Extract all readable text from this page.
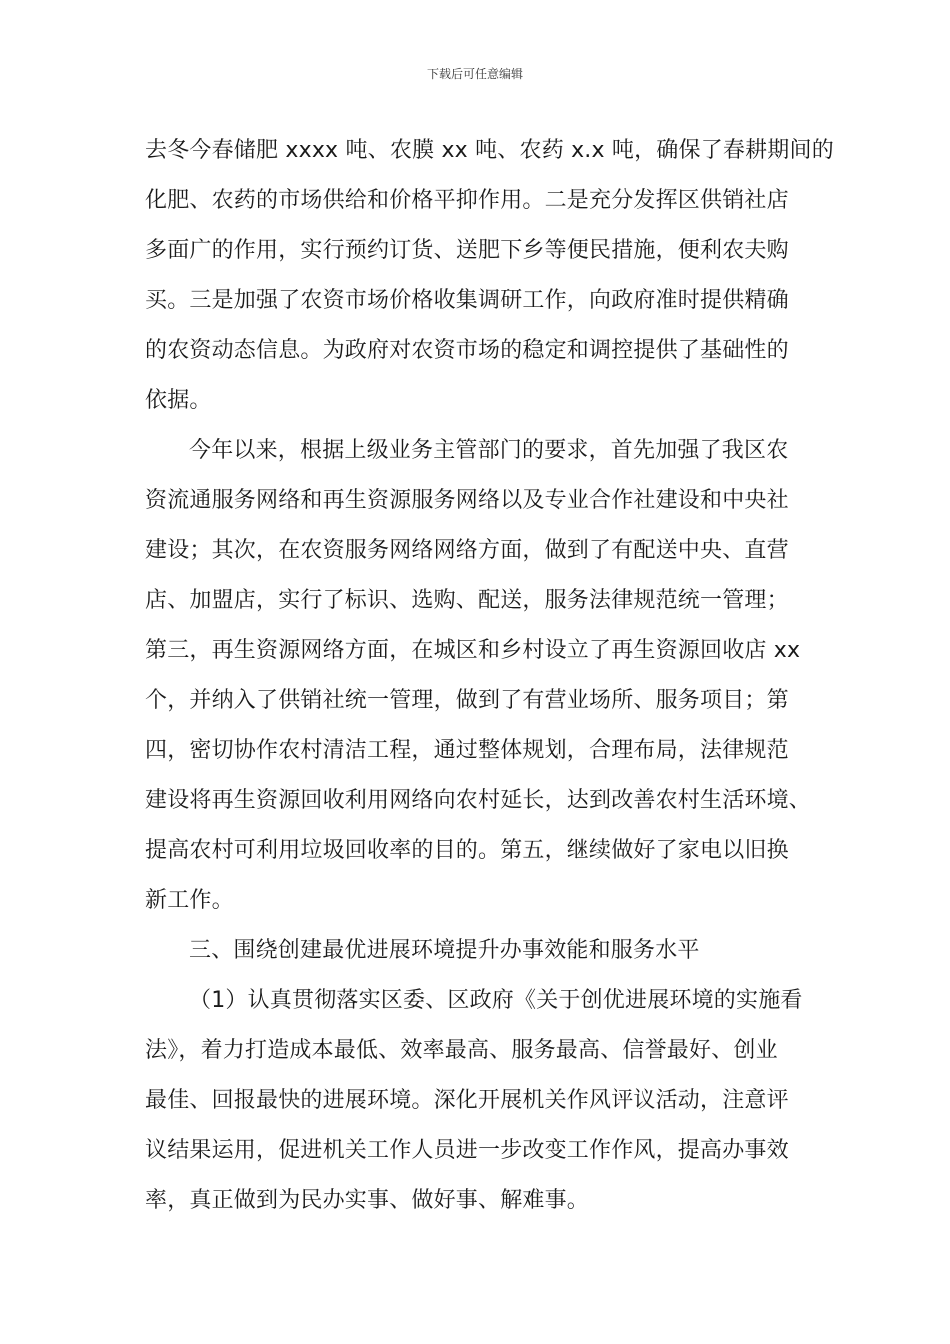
下载后可任意编辑
去冬今春储肥 xxxx 吨、农膜 xx 吨、农药 x.x 吨，确保了春耕期间的
化肥、农药的市场供给和价格平抑作用。二是充分发挥区供销社店
多面广的作用，实行预约订货、送肥下乡等便民措施，便利农夫购
买。三是加强了农资市场价格收集调研工作，向政府准时提供精确
的农资动态信息。为政府对农资市场的稳定和调控提供了基础性的
依据。
今年以来，根据上级业务主管部门的要求，首先加强了我区农
资流通服务网络和再生资源服务网络以及专业合作社建设和中央社
建设；其次，在农资服务网络网络方面，做到了有配送中央、直营
店、加盟店，实行了标识、选购、配送，服务法律规范统一管理；
第三，再生资源网络方面，在城区和乡村设立了再生资源回收店 xx
个，并纳入了供销社统一管理，做到了有营业场所、服务项目；第
四，密切协作农村清洁工程，通过整体规划，合理布局，法律规范
建设将再生资源回收利用网络向农村延长，达到改善农村生活环境、
提高农村可利用垃圾回收率的目的。第五，继续做好了家电以旧换
新工作。
三、围绕创建最优进展环境提升办事效能和服务水平
（1）认真贯彻落实区委、区政府《关于创优进展环境的实施看
法》，着力打造成本最低、效率最高、服务最高、信誉最好、创业
最佳、回报最快的进展环境。深化开展机关作风评议活动，注意评
议结果运用，促进机关工作人员进一步改变工作作风，提高办事效
率，真正做到为民办实事、做好事、解难事。
